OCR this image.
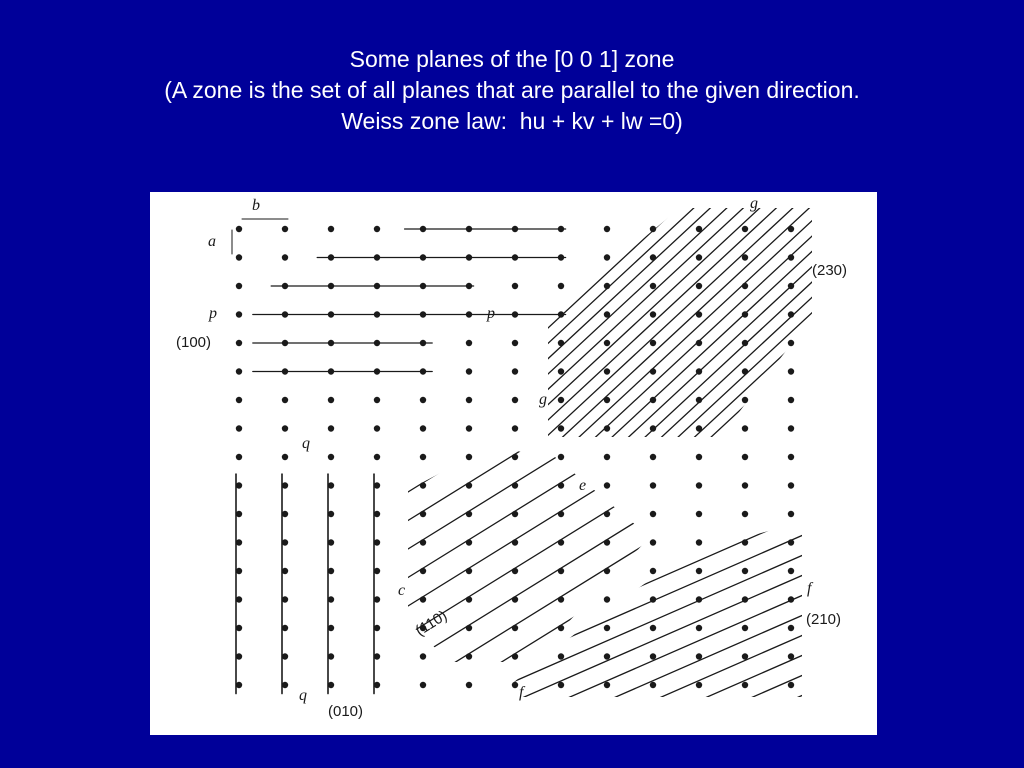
Some planes of the [0 0 1] zone
(A zone is the set of all planes that are parallel to the given direction.
Weiss zone law:  hu + kv + lw =0)
b
a
p	p
(100)
q
q
(010)
g
g
(230)
e
c
(110)
f
f
(210)
